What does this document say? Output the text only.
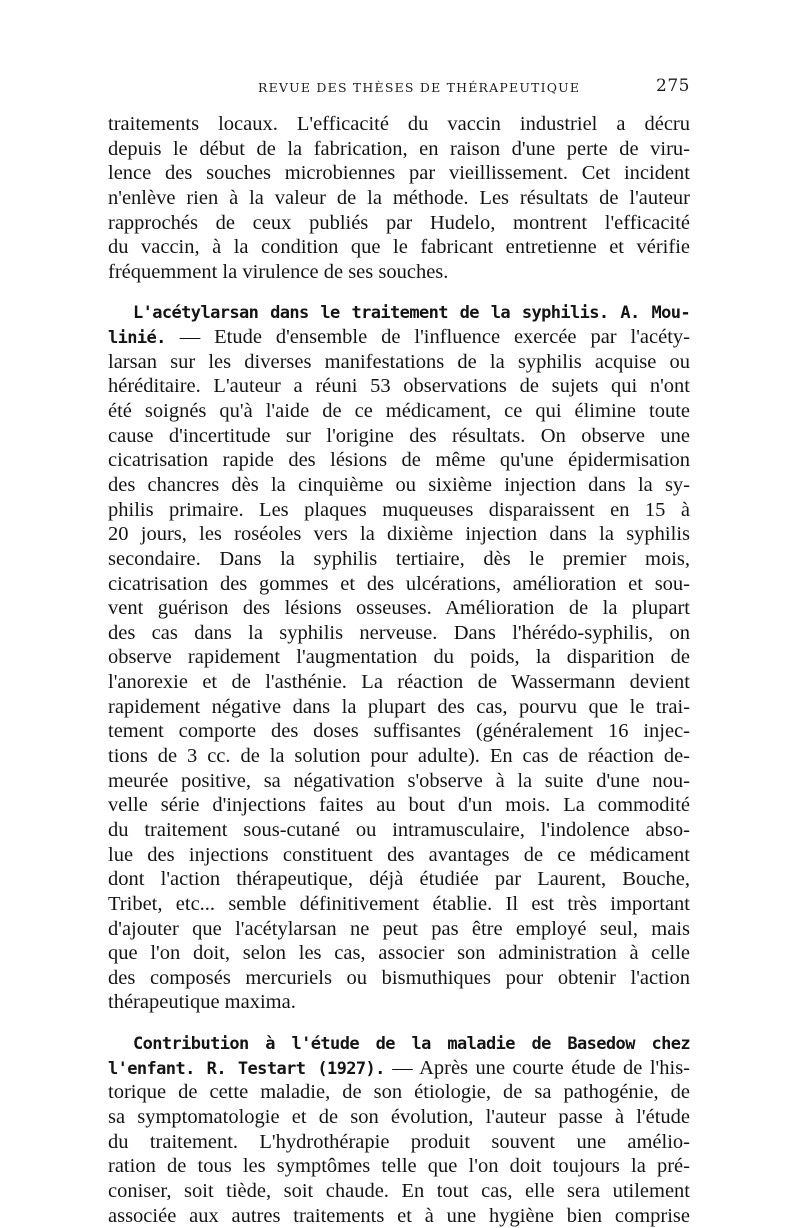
REVUE DES THÈSES DE THÉRAPEUTIQUE	275
traitements locaux. L'efficacité du vaccin industriel a décru
depuis le début de la fabrication, en raison d'une perte de viru-
lence des souches microbiennes par vieillissement. Cet incident
n'enlève rien à la valeur de la méthode. Les résultats de l'auteur
rapprochés de ceux publiés par Hudelo, montrent l'efficacité
du vaccin, à la condition que le fabricant entretienne et vérifie
fréquemment la virulence de ses souches.
L'acétylarsan dans le traitement de la syphilis. A. Mou-
linié. — Etude d'ensemble de l'influence exercée par l'acéty-
larsan sur les diverses manifestations de la syphilis acquise ou
héréditaire. L'auteur a réuni 53 observations de sujets qui n'ont
été soignés qu'à l'aide de ce médicament, ce qui élimine toute
cause d'incertitude sur l'origine des résultats. On observe une
cicatrisation rapide des lésions de même qu'une épidermisation
des chancres dès la cinquième ou sixième injection dans la sy-
philis primaire. Les plaques muqueuses disparaissent en 15 à
20 jours, les roséoles vers la dixième injection dans la syphilis
secondaire. Dans la syphilis tertiaire, dès le premier mois,
cicatrisation des gommes et des ulcérations, amélioration et sou-
vent guérison des lésions osseuses. Amélioration de la plupart
des cas dans la syphilis nerveuse. Dans l'hérédo-syphilis, on
observe rapidement l'augmentation du poids, la disparition de
l'anorexie et de l'asthénie. La réaction de Wassermann devient
rapidement négative dans la plupart des cas, pourvu que le trai-
tement comporte des doses suffisantes (généralement 16 injec-
tions de 3 cc. de la solution pour adulte). En cas de réaction de-
meurée positive, sa négativation s'observe à la suite d'une nou-
velle série d'injections faites au bout d'un mois. La commodité
du traitement sous-cutané ou intramusculaire, l'indolence abso-
lue des injections constituent des avantages de ce médicament
dont l'action thérapeutique, déjà étudiée par Laurent, Bouche,
Tribet, etc... semble définitivement établie. Il est très important
d'ajouter que l'acétylarsan ne peut pas être employé seul, mais
que l'on doit, selon les cas, associer son administration à celle
des composés mercuriels ou bismuthiques pour obtenir l'action
thérapeutique maxima.
Contribution à l'étude de la maladie de Basedow chez
l'enfant. R. Testart (1927). — Après une courte étude de l'his-
torique de cette maladie, de son étiologie, de sa pathogénie, de
sa symptomatologie et de son évolution, l'auteur passe à l'étude
du traitement. L'hydrothérapie produit souvent une amélio-
ration de tous les symptômes telle que l'on doit toujours la pré-
coniser, soit tiède, soit chaude. En tout cas, elle sera utilement
associée aux autres traitements et à une hygiène bien comprise
